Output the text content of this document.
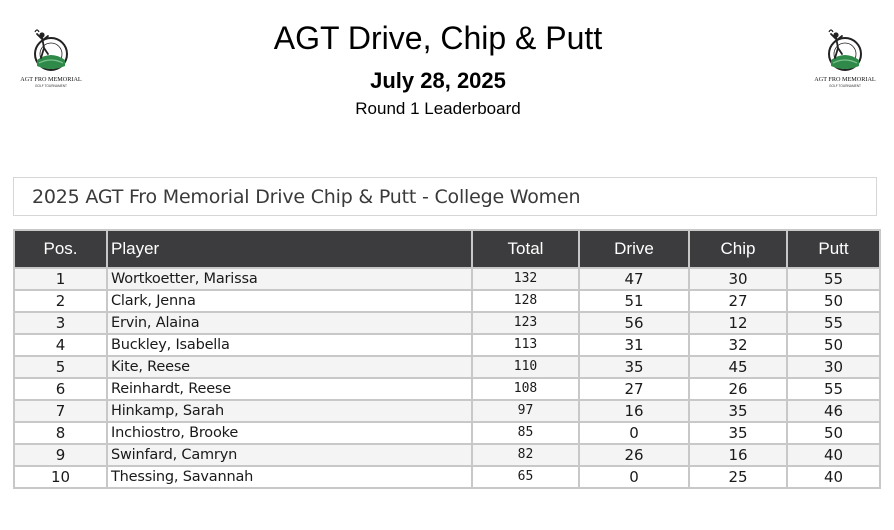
AGT FRO MEMORIAL
GOLF TOURNAMENT
AGT FRO MEMORIAL
GOLF TOURNAMENT
AGT Drive, Chip & Putt
July 28, 2025
Round 1 Leaderboard
2025 AGT Fro Memorial Drive Chip & Putt - College Women
Pos.	Player	Total	Drive	Chip	Putt
1	Wortkoetter, Marissa	132	47	30	55
2	Clark, Jenna	128	51	27	50
3	Ervin, Alaina	123	56	12	55
4	Buckley, Isabella	113	31	32	50
5	Kite, Reese	110	35	45	30
6	Reinhardt, Reese	108	27	26	55
7	Hinkamp, Sarah	97	16	35	46
8	Inchiostro, Brooke	85	0	35	50
9	Swinfard, Camryn	82	26	16	40
10	Thessing, Savannah	65	0	25	40
